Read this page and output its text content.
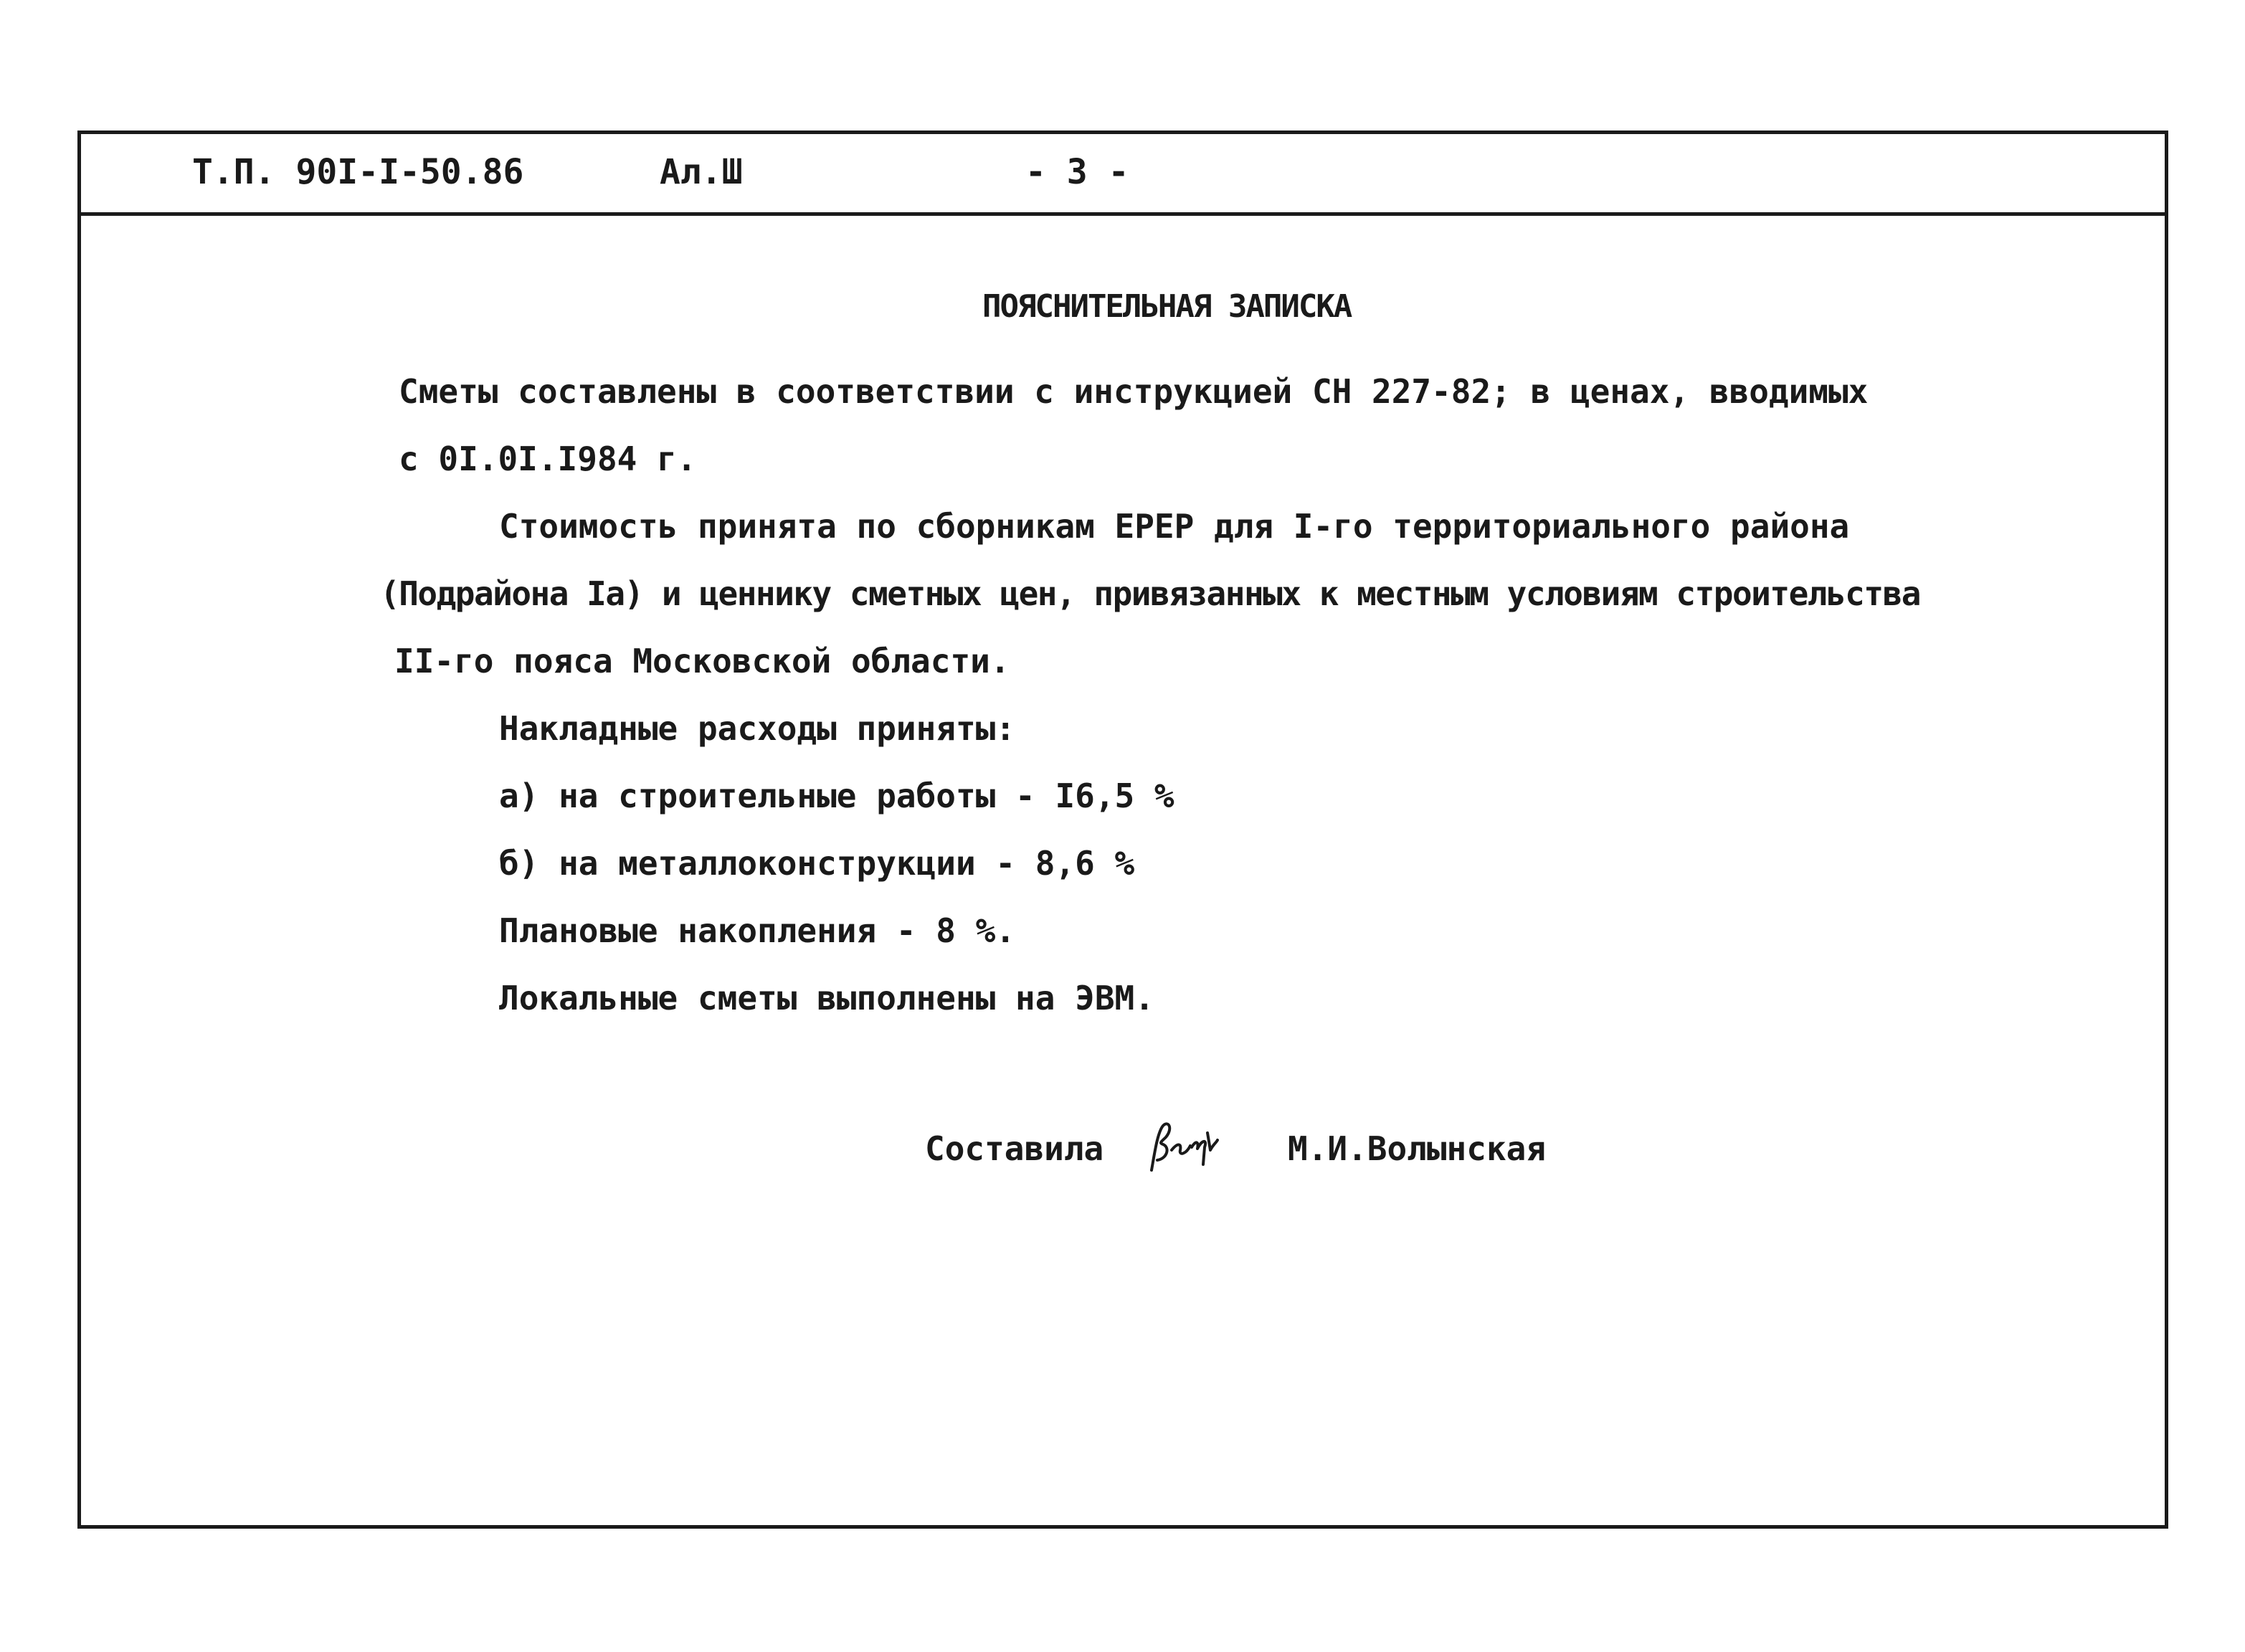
Т.П. 90I-I-50.86	Ал.Ш	- 3 -
ПОЯСНИТЕЛЬНАЯ ЗАПИСКА
Сметы составлены в соответствии с инструкцией СН 227-82; в ценах, вводимых
с 0I.0I.I984 г.
Стоимость принята по сборникам ЕРЕР для I-го территориального района
(Подрайона Iа) и ценнику сметных цен, привязанных к местным условиям строительства
II-го пояса Московской области.
Накладные расходы приняты:
а) на строительные работы - I6,5 %
б) на металлоконструкции - 8,6 %
Плановые накопления - 8 %.
Локальные сметы выполнены на ЭВМ.
Составила	М.И.Волынская
